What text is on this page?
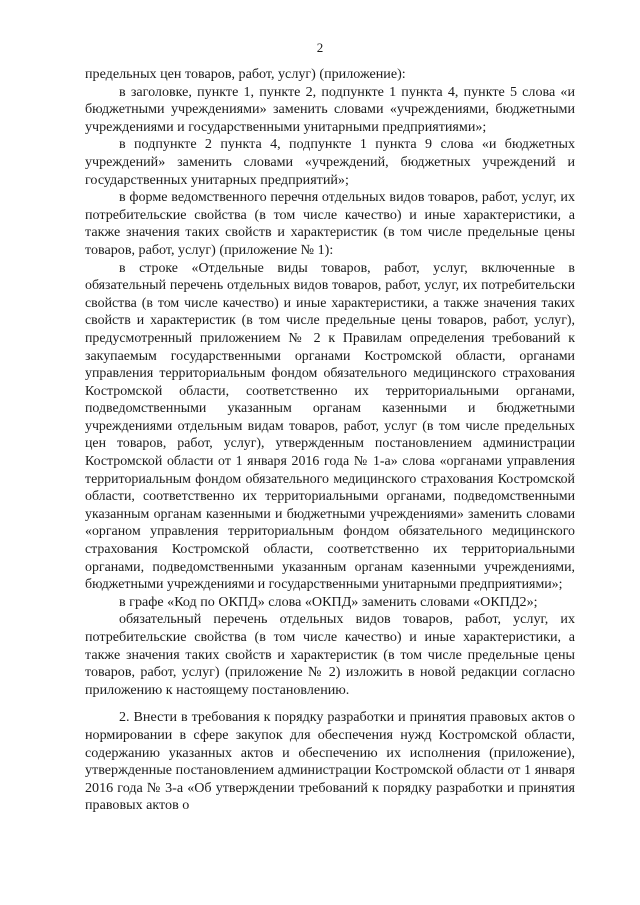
2

предельных цен товаров, работ, услуг) (приложение):

в заголовке, пункте 1, пункте 2, подпункте 1 пункта 4, пункте 5 слова «и бюджетными учреждениями» заменить словами «учреждениями, бюджетными учреждениями и государственными унитарными предприятиями»;

в подпункте 2 пункта 4, подпункте 1 пункта 9 слова «и бюджетных учреждений» заменить словами «учреждений, бюджетных учреждений и государственных унитарных предприятий»;

в форме ведомственного перечня отдельных видов товаров, работ, услуг, их потребительские свойства (в том числе качество) и иные характеристики, а также значения таких свойств и характеристик (в том числе предельные цены товаров, работ, услуг) (приложение № 1):

в строке «Отдельные виды товаров, работ, услуг, включенные в обязательный перечень отдельных видов товаров, работ, услуг, их потребительски свойства (в том числе качество) и иные характеристики, а также значения таких свойств и характеристик (в том числе предельные цены товаров, работ, услуг), предусмотренный приложением № 2 к Правилам определения требований к закупаемым государственными органами Костромской области, органами управления территориальным фондом обязательного медицинского страхования Костромской области, соответственно их территориальными органами, подведомственными указанным органам казенными и бюджетными учреждениями отдельным видам товаров, работ, услуг (в том числе предельных цен товаров, работ, услуг), утвержденным постановлением администрации Костромской области от 1 января 2016 года № 1-а» слова «органами управления территориальным фондом обязательного медицинского страхования Костромской области, соответственно их территориальными органами, подведомственными указанным органам казенными и бюджетными учреждениями» заменить словами «органом управления территориальным фондом обязательного медицинского страхования Костромской области, соответственно их территориальными органами, подведомственными указанным органам казенными учреждениями, бюджетными учреждениями и государственными унитарными предприятиями»;

в графе «Код по ОКПД» слова «ОКПД» заменить словами «ОКПД2»;

обязательный перечень отдельных видов товаров, работ, услуг, их потребительские свойства (в том числе качество) и иные характеристики, а также значения таких свойств и характеристик (в том числе предельные цены товаров, работ, услуг) (приложение № 2) изложить в новой редакции согласно приложению к настоящему постановлению.

2. Внести в требования к порядку разработки и принятия правовых актов о нормировании в сфере закупок для обеспечения нужд Костромской области, содержанию указанных актов и обеспечению их исполнения (приложение), утвержденные постановлением администрации Костромской области от 1 января 2016 года № 3-а «Об утверждении требований к порядку разработки и принятия правовых актов о
